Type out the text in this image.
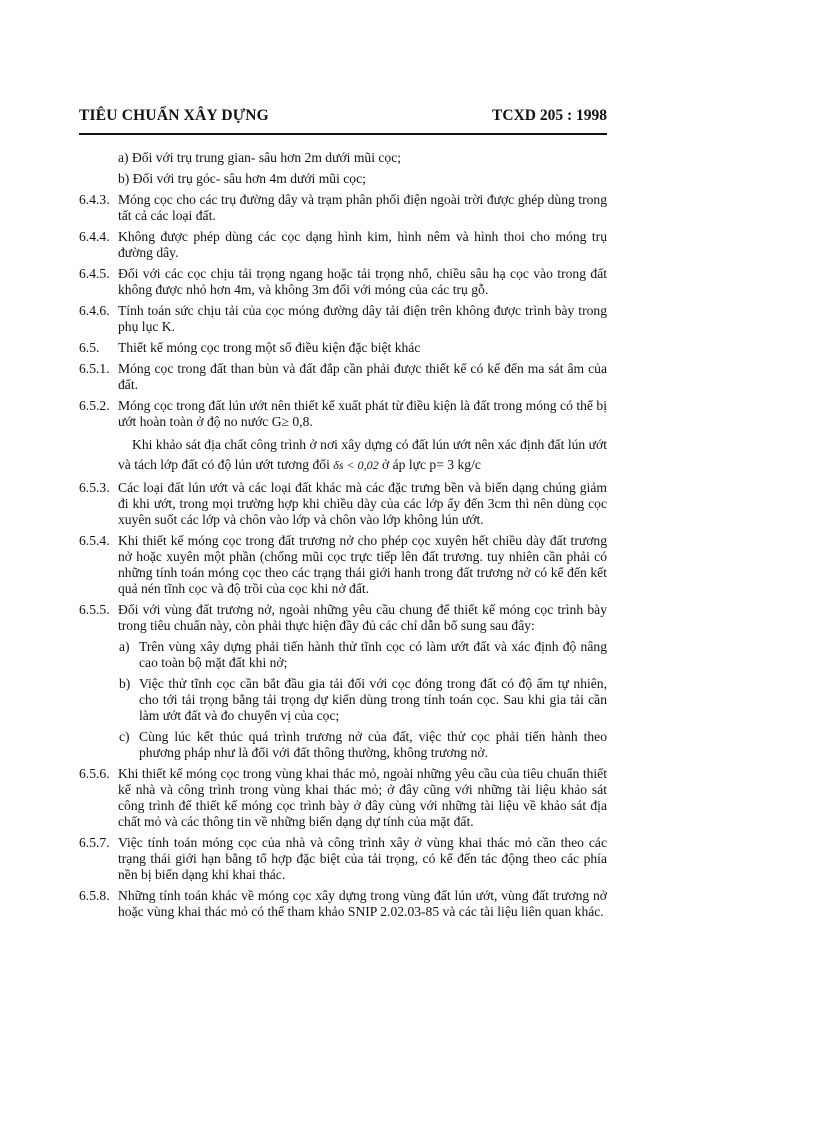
TIÊU CHUẨN XÂY DỰNG	TCXD 205 : 1998
a) Đối với trụ trung gian- sâu hơn 2m dưới mũi cọc;
b) Đối với trụ góc- sâu hơn 4m dưới mũi cọc;
6.4.3. Móng cọc cho các trụ đường dây và trạm phân phối điện ngoài trời được ghép dùng trong tất cả các loại đất.
6.4.4. Không được phép dùng các cọc dạng hình kim, hình nêm và hình thoi cho móng trụ đường dây.
6.4.5. Đối với các cọc chịu tải trọng ngang hoặc tải trọng nhổ, chiều sâu hạ cọc vào trong đất không được nhỏ hơn 4m, và không 3m đối với móng của các trụ gỗ.
6.4.6. Tính toán sức chịu tải của cọc móng đường dây tải điện trên không được trình bày trong phụ lục K.
6.5. Thiết kế móng cọc trong một số điều kiện đặc biệt khác
6.5.1. Móng cọc trong đất than bùn và đất đắp cần phải được thiết kế có kể đến ma sát âm của đất.
6.5.2. Móng cọc trong đất lún ướt nên thiết kế xuất phát từ điều kiện là đất trong móng có thể bị ướt hoàn toàn ở độ no nước G≥ 0,8.
Khi khảo sát địa chất công trình ở nơi xây dựng có đất lún ướt nên xác định đất lún ướt và tách lớp đất có độ lún ướt tương đối δs < 0,02 ở áp lực p= 3 kg/c
6.5.3. Các loại đất lún ướt và các loại đất khác mà các đặc trưng bền và biến dạng chúng giảm đi khi ướt, trong mọi trường hợp khi chiều dày của các lớp ấy đến 3cm thì nên dùng cọc xuyên suốt các lớp và chôn vào lớp và chôn vào lớp không lún ướt.
6.5.4. Khi thiết kế móng cọc trong đất trương nở cho phép cọc xuyên hết chiều dày đất trương nở hoặc xuyên một phần (chống mũi cọc trực tiếp lên đất trương. tuy nhiên cần phải có những tính toán móng cọc theo các trạng thái giới hanh trong đất trương nở có kể đến kết quả nén tĩnh cọc và độ trồi của cọc khi nở đất.
6.5.5. Đối với vùng đất trương nở, ngoài những yêu cầu chung để thiết kế móng cọc trình bày trong tiêu chuẩn này, còn phải thực hiện đầy đủ các chỉ dẫn bổ sung sau đây:
a) Trên vùng xây dựng phải tiến hành thử tĩnh cọc có làm ướt đất và xác định độ nâng cao toàn bộ mặt đất khi nở;
b) Việc thử tĩnh cọc cần bắt đầu gia tải đối với cọc đóng trong đất có độ ẩm tự nhiên, cho tới tải trọng bằng tải trọng dự kiến dùng trong tính toán cọc. Sau khi gia tải cần làm ướt đất và đo chuyển vị của cọc;
c) Cùng lúc kết thúc quá trình trương nở của đất, việc thử cọc phải tiến hành theo phương pháp như là đối với đất thông thường, không trương nở.
6.5.6. Khi thiết kế móng cọc trong vùng khai thác mỏ, ngoài những yêu cầu của tiêu chuẩn thiết kế nhà và công trình trong vùng khai thác mỏ; ở đây cũng với những tài liệu khảo sát công trình để thiết kế móng cọc trình bày ở đây cùng với những tài liệu về khảo sát địa chất mỏ và các thông tin về những biến dạng dự tính của mặt đất.
6.5.7. Việc tính toán móng cọc của nhà và công trình xây ở vùng khai thác mỏ cần theo các trạng thái giới hạn bằng tổ hợp đặc biệt của tải trọng, có kể đến tác động theo các phía nền bị biến dạng khi khai thác.
6.5.8. Những tính toán khác về móng cọc xây dựng trong vùng đất lún ướt, vùng đất trương nở hoặc vùng khai thác mỏ có thể tham khảo SNIP 2.02.03-85 và các tài liệu liên quan khác.
